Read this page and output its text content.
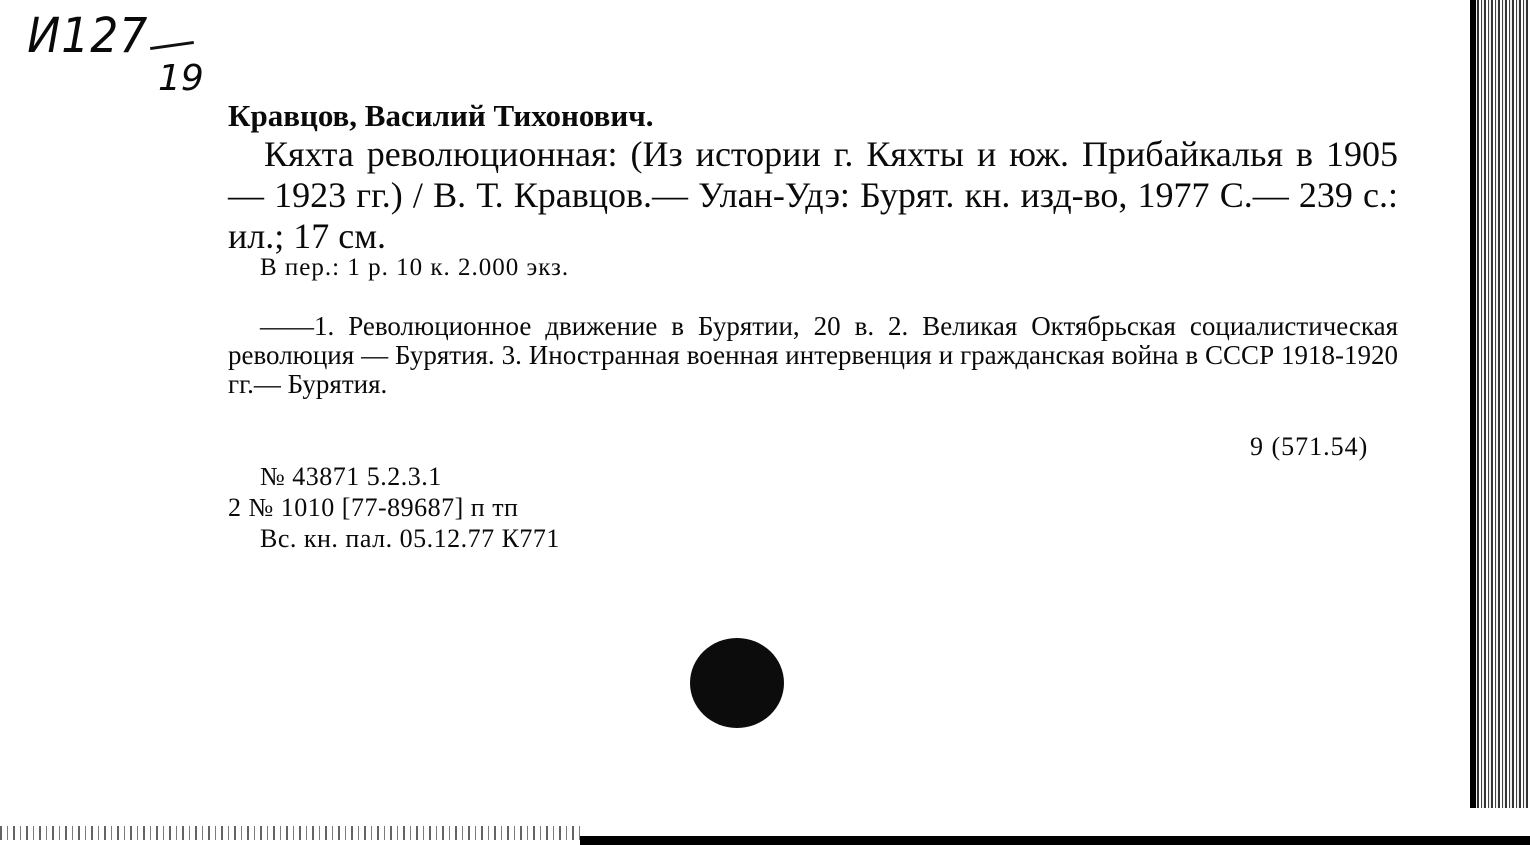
И127
19
Кравцов, Василий Тихонович.
Кяхта революционная: (Из истории г. Кяхты и юж. Прибайкалья в 1905 — 1923 гг.) / В. Т. Кравцов.— Улан-Удэ: Бурят. кн. изд-во, 1977 С.— 239 с.: ил.; 17 см.
В пер.: 1 р. 10 к. 2.000 экз.
——1. Революционное движение в Бурятии, 20 в. 2. Великая Октябрьская социалистическая революция — Бурятия. 3. Иностранная военная интервенция и гражданская война в СССР 1918-1920 гг.— Бурятия.
9 (571.54)
№ 43871 5.2.3.1
2 № 1010 [77-89687] п тп
Вс. кн. пал. 05.12.77 К771
